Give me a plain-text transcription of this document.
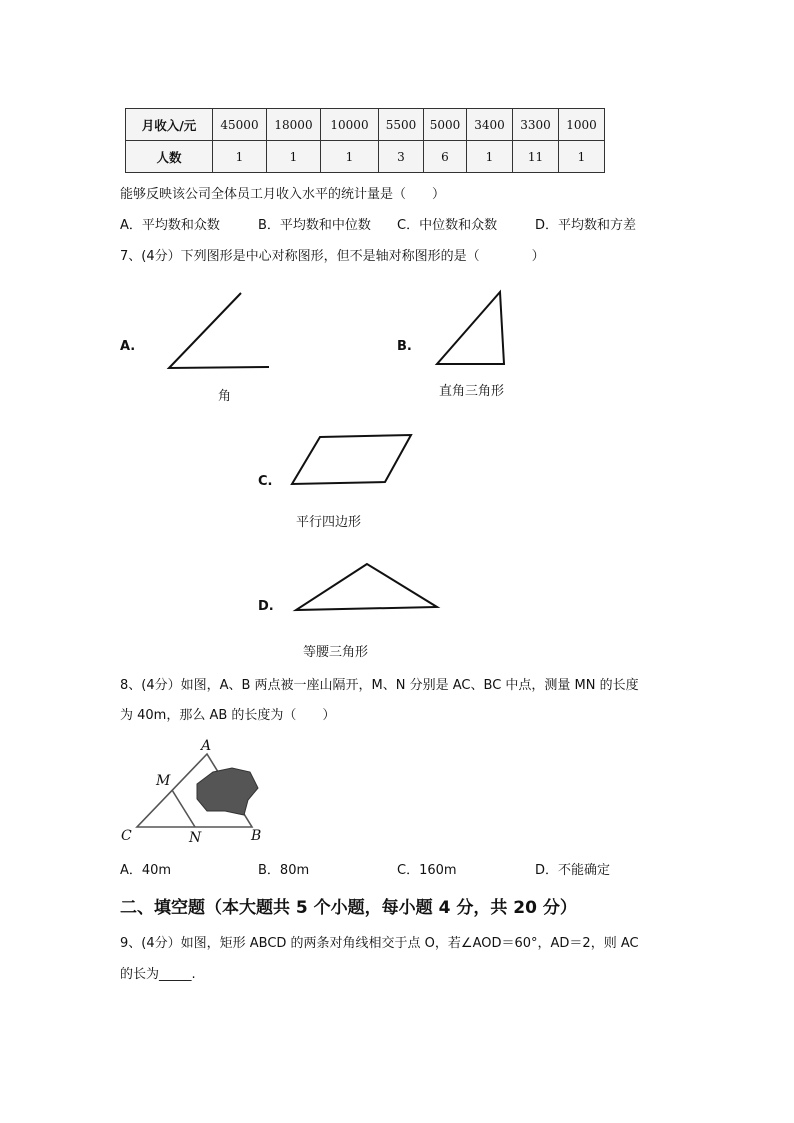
月收入/元	45000	18000	10000	5500	5000	3400	3300	1000
人数	1	1	1	3	6	1	11	1
能够反映该公司全体员工月收入水平的统计量是（　　）
A．平均数和众数	B．平均数和中位数 C．中位数和众数	D．平均数和方差
7、(4分）下列图形是中心对称图形，但不是轴对称图形的是（　　　　）
A.
角
B.
直角三角形
C.
平行四边形
D.
等腰三角形
8、(4分）如图，A、B 两点被一座山隔开，M、N 分别是 AC、BC 中点，测量 MN 的长度
为 40m，那么 AB 的长度为（　　）
A
M
C	N	B
A．40m	B．80m	C．160m	D．不能确定
二、填空题（本大题共 5 个小题，每小题 4 分，共 20 分）
9、(4分）如图，矩形 ABCD 的两条对角线相交于点 O，若∠AOD＝60°，AD＝2，则 AC
的长为_____.
